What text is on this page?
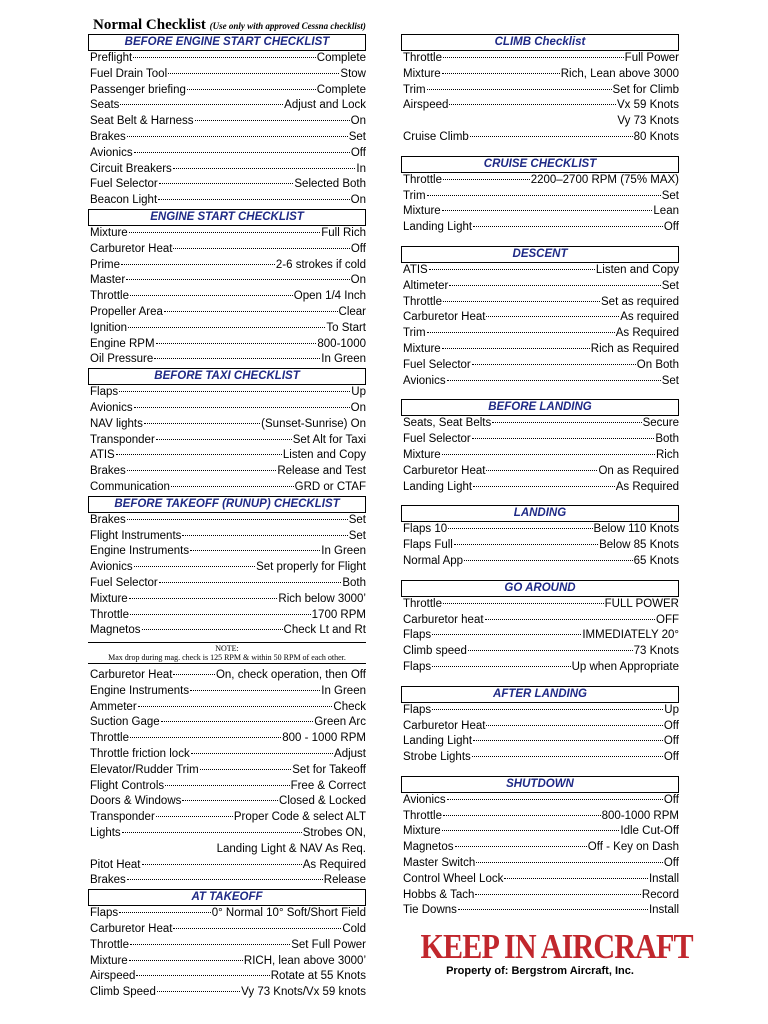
Normal Checklist (Use only with approved Cessna checklist)
BEFORE ENGINE START CHECKLIST
Preflight	Complete
Fuel Drain Tool	Stow
Passenger briefing	Complete
Seats	Adjust and Lock
Seat Belt & Harness	On
Brakes	Set
Avionics	Off
Circuit Breakers	In
Fuel Selector	Selected Both
Beacon Light	On
ENGINE START CHECKLIST
Mixture	Full Rich
Carburetor Heat	Off
Prime	2-6 strokes if cold
Master	On
Throttle	Open 1/4 Inch
Propeller Area	Clear
Ignition	To Start
Engine RPM	800-1000
Oil Pressure	In Green
BEFORE TAXI CHECKLIST
Flaps	Up
Avionics	On
NAV lights	(Sunset-Sunrise) On
Transponder	Set Alt for Taxi
ATIS	Listen and Copy
Brakes	Release and Test
Communication	GRD or CTAF
BEFORE TAKEOFF (RUNUP) CHECKLIST
Brakes	Set
Flight Instruments	Set
Engine Instruments	In Green
Avionics	Set properly for Flight
Fuel Selector	Both
Mixture	Rich below 3000’
Throttle	1700 RPM
Magnetos	Check Lt and Rt
NOTE:
Max drop during mag. check is 125 RPM & within 50 RPM of each other.
Carburetor Heat	On, check operation, then Off
Engine Instruments	In Green
Ammeter	Check
Suction Gage	Green Arc
Throttle	800 - 1000 RPM
Throttle friction lock	Adjust
Elevator/Rudder Trim	Set for Takeoff
Flight Controls	Free & Correct
Doors & Windows	Closed & Locked
Transponder	Proper Code & select ALT
Lights	Strobes ON,
Landing Light & NAV As Req.
Pitot Heat	As Required
Brakes	Release
AT TAKEOFF
Flaps	0° Normal 10° Soft/Short Field
Carburetor Heat	Cold
Throttle	Set Full Power
Mixture	RICH, lean above 3000’
Airspeed	Rotate at 55 Knots
Climb Speed	Vy 73 Knots/Vx 59 knots
CLIMB Checklist
Throttle	Full Power
Mixture	Rich, Lean above 3000
Trim	Set for Climb
Airspeed	Vx 59 Knots
Vy 73 Knots
Cruise Climb	80 Knots
CRUISE CHECKLIST
Throttle	2200–2700 RPM (75% MAX)
Trim	Set
Mixture	Lean
Landing Light	Off
DESCENT
ATIS	Listen and Copy
Altimeter	Set
Throttle	Set as required
Carburetor Heat	As required
Trim	As Required
Mixture	Rich as Required
Fuel Selector	On Both
Avionics	Set
BEFORE LANDING
Seats, Seat Belts	Secure
Fuel Selector	Both
Mixture	Rich
Carburetor Heat	On as Required
Landing Light	As Required
LANDING
Flaps 10	Below 110 Knots
Flaps Full	Below 85 Knots
Normal App	65 Knots
GO AROUND
Throttle	FULL POWER
Carburetor heat	OFF
Flaps	IMMEDIATELY 20°
Climb speed	73 Knots
Flaps	Up when Appropriate
AFTER LANDING
Flaps	Up
Carburetor Heat	Off
Landing Light	Off
Strobe Lights	Off
SHUTDOWN
Avionics	Off
Throttle	800-1000 RPM
Mixture	Idle Cut-Off
Magnetos	Off - Key on Dash
Master Switch	Off
Control Wheel Lock	Install
Hobbs & Tach	Record
Tie Downs	Install
KEEP IN AIRCRAFT
Property of: Bergstrom Aircraft, Inc.
